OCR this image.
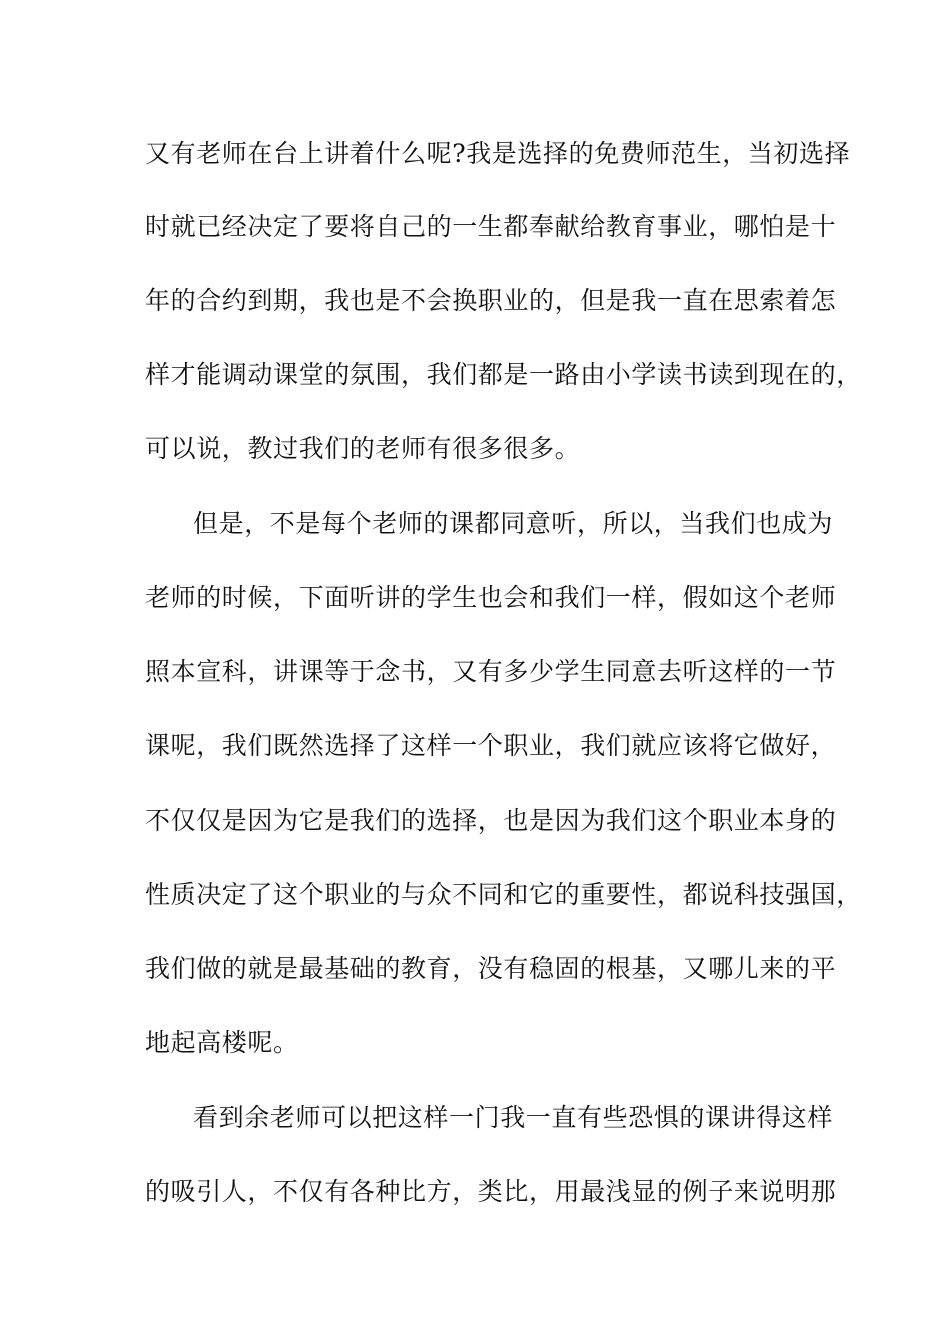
又有老师在台上讲着什么呢?我是选择的免费师范生，当初选择
时就已经决定了要将自己的一生都奉献给教育事业，哪怕是十
年的合约到期，我也是不会换职业的，但是我一直在思索着怎
样才能调动课堂的氛围，我们都是一路由小学读书读到现在的，
可以说，教过我们的老师有很多很多。
但是，不是每个老师的课都同意听，所以，当我们也成为
老师的时候，下面听讲的学生也会和我们一样，假如这个老师
照本宣科，讲课等于念书，又有多少学生同意去听这样的一节
课呢，我们既然选择了这样一个职业，我们就应该将它做好，
不仅仅是因为它是我们的选择，也是因为我们这个职业本身的
性质决定了这个职业的与众不同和它的重要性，都说科技强国，
我们做的就是最基础的教育，没有稳固的根基，又哪儿来的平
地起高楼呢。
看到余老师可以把这样一门我一直有些恐惧的课讲得这样
的吸引人，不仅有各种比方，类比，用最浅显的例子来说明那
